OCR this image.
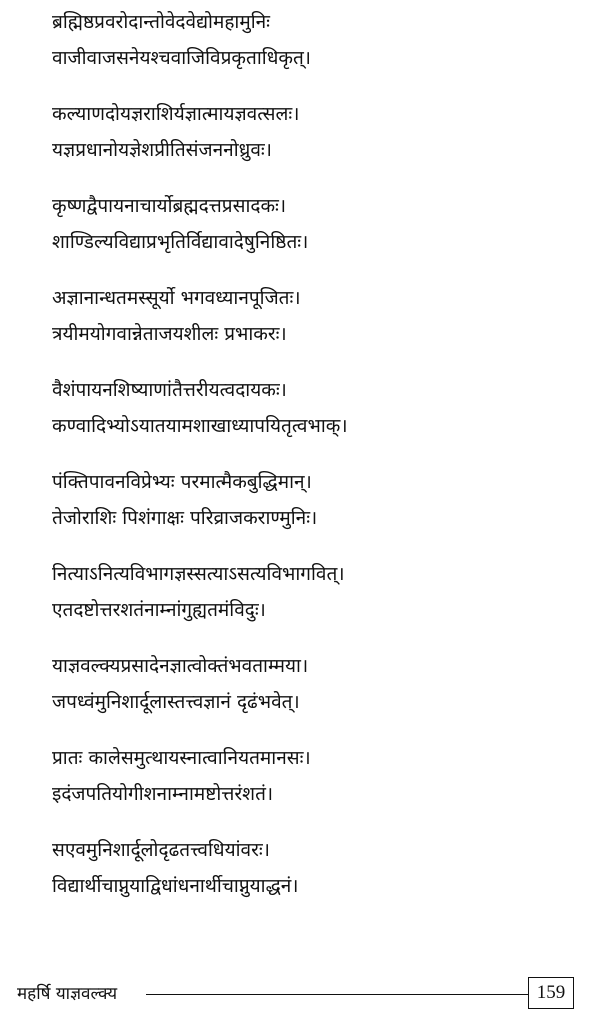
ब्रह्मिष्ठप्रवरोदान्तोवेदवेद्योमहामुनिः
वाजीवाजसनेयश्चवाजिविप्रकृताधिकृत्।
कल्याणदोयज्ञराशिर्यज्ञात्मायज्ञवत्सलः।
यज्ञप्रधानोयज्ञेशप्रीतिसंजननोध्रुवः।
कृष्णद्वैपायनाचार्योब्रह्मदत्तप्रसादकः।
शाण्डिल्यविद्याप्रभृतिर्विद्यावादेषुनिष्ठितः।
अज्ञानान्धतमस्सूर्यो भगवध्यानपूजितः।
त्रयीमयोगवान्नेताजयशीलः प्रभाकरः।
वैशंपायनशिष्याणांतैत्तरीयत्वदायकः।
कण्वादिभ्योऽयातयामशाखाध्यापयितृत्वभाक्।
पंक्तिपावनविप्रेभ्यः परमात्मैकबुद्धिमान्।
तेजोराशिः पिशंगाक्षः परिव्राजकराण्मुनिः।
नित्याऽनित्यविभागज्ञस्सत्याऽसत्यविभागवित्।
एतदष्टोत्तरशतंनाम्नांगुह्यतमंविदुः।
याज्ञवल्क्यप्रसादेनज्ञात्वोक्तंभवताम्मया।
जपध्वंमुनिशार्दूलास्तत्त्वज्ञानं दृढंभवेत्।
प्रातः कालेसमुत्थायस्नात्वानियतमानसः।
इदंजपतियोगीशनाम्नामष्टोत्तरंशतं।
सएवमुनिशार्दूलोदृढतत्त्वधियांवरः।
विद्यार्थीचाप्नुयाद्विधांधनार्थीचाप्नुयाद्धनं।
महर्षि याज्ञवल्क्य	159
